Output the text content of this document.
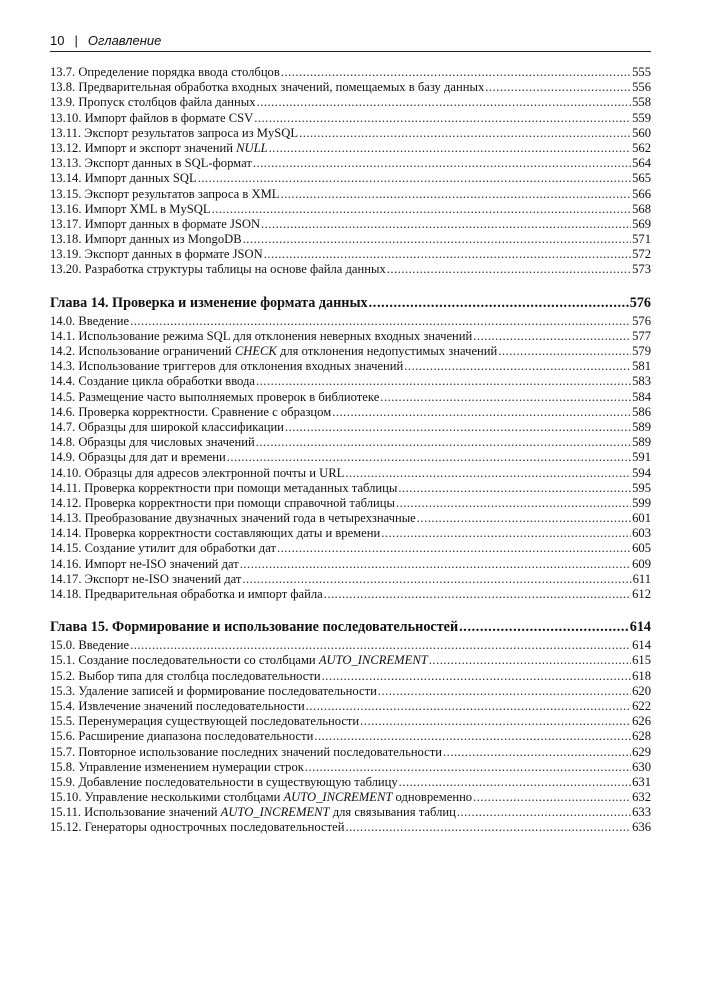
10 | Оглавление
13.7. Определение порядка ввода столбцов .....	555
13.8. Предварительная обработка входных значений, помещаемых в базу данных .....	556
13.9. Пропуск столбцов файла данных .....	558
13.10. Импорт файлов в формате CSV .....	559
13.11. Экспорт результатов запроса из MySQL .....	560
13.12. Импорт и экспорт значений NULL .....	562
13.13. Экспорт данных в SQL-формат .....	564
13.14. Импорт данных SQL .....	565
13.15. Экспорт результатов запроса в XML .....	566
13.16. Импорт XML в MySQL .....	568
13.17. Импорт данных в формате JSON .....	569
13.18. Импорт данных из MongoDB .....	571
13.19. Экспорт данных в формате JSON .....	572
13.20. Разработка структуры таблицы на основе файла данных .....	573
Глава 14. Проверка и изменение формата данных .....	576
14.0. Введение .....	576
14.1. Использование режима SQL для отклонения неверных входных значений .....	577
14.2. Использование ограничений CHECK для отклонения недопустимых значений .....	579
14.3. Использование триггеров для отклонения входных значений .....	581
14.4. Создание цикла обработки ввода .....	583
14.5. Размещение часто выполняемых проверок в библиотеке .....	584
14.6. Проверка корректности. Сравнение с образцом .....	586
14.7. Образцы для широкой классификации .....	589
14.8. Образцы для числовых значений .....	589
14.9. Образцы для дат и времени .....	591
14.10. Образцы для адресов электронной почты и URL .....	594
14.11. Проверка корректности при помощи метаданных таблицы .....	595
14.12. Проверка корректности при помощи справочной таблицы .....	599
14.13. Преобразование двузначных значений года в четырехзначные .....	601
14.14. Проверка корректности составляющих даты и времени .....	603
14.15. Создание утилит для обработки дат .....	605
14.16. Импорт не-ISO значений дат .....	609
14.17. Экспорт не-ISO значений дат .....	611
14.18. Предварительная обработка и импорт файла .....	612
Глава 15. Формирование и использование последовательностей .....	614
15.0. Введение .....	614
15.1. Создание последовательности со столбцами AUTO_INCREMENT .....	615
15.2. Выбор типа для столбца последовательности .....	618
15.3. Удаление записей и формирование последовательности .....	620
15.4. Извлечение значений последовательности .....	622
15.5. Перенумерация существующей последовательности .....	626
15.6. Расширение диапазона последовательности .....	628
15.7. Повторное использование последних значений последовательности .....	629
15.8. Управление изменением нумерации строк .....	630
15.9. Добавление последовательности в существующую таблицу .....	631
15.10. Управление несколькими столбцами AUTO_INCREMENT одновременно .....	632
15.11. Использование значений AUTO_INCREMENT для связывания таблиц .....	633
15.12. Генераторы однострочных последовательностей .....	636
